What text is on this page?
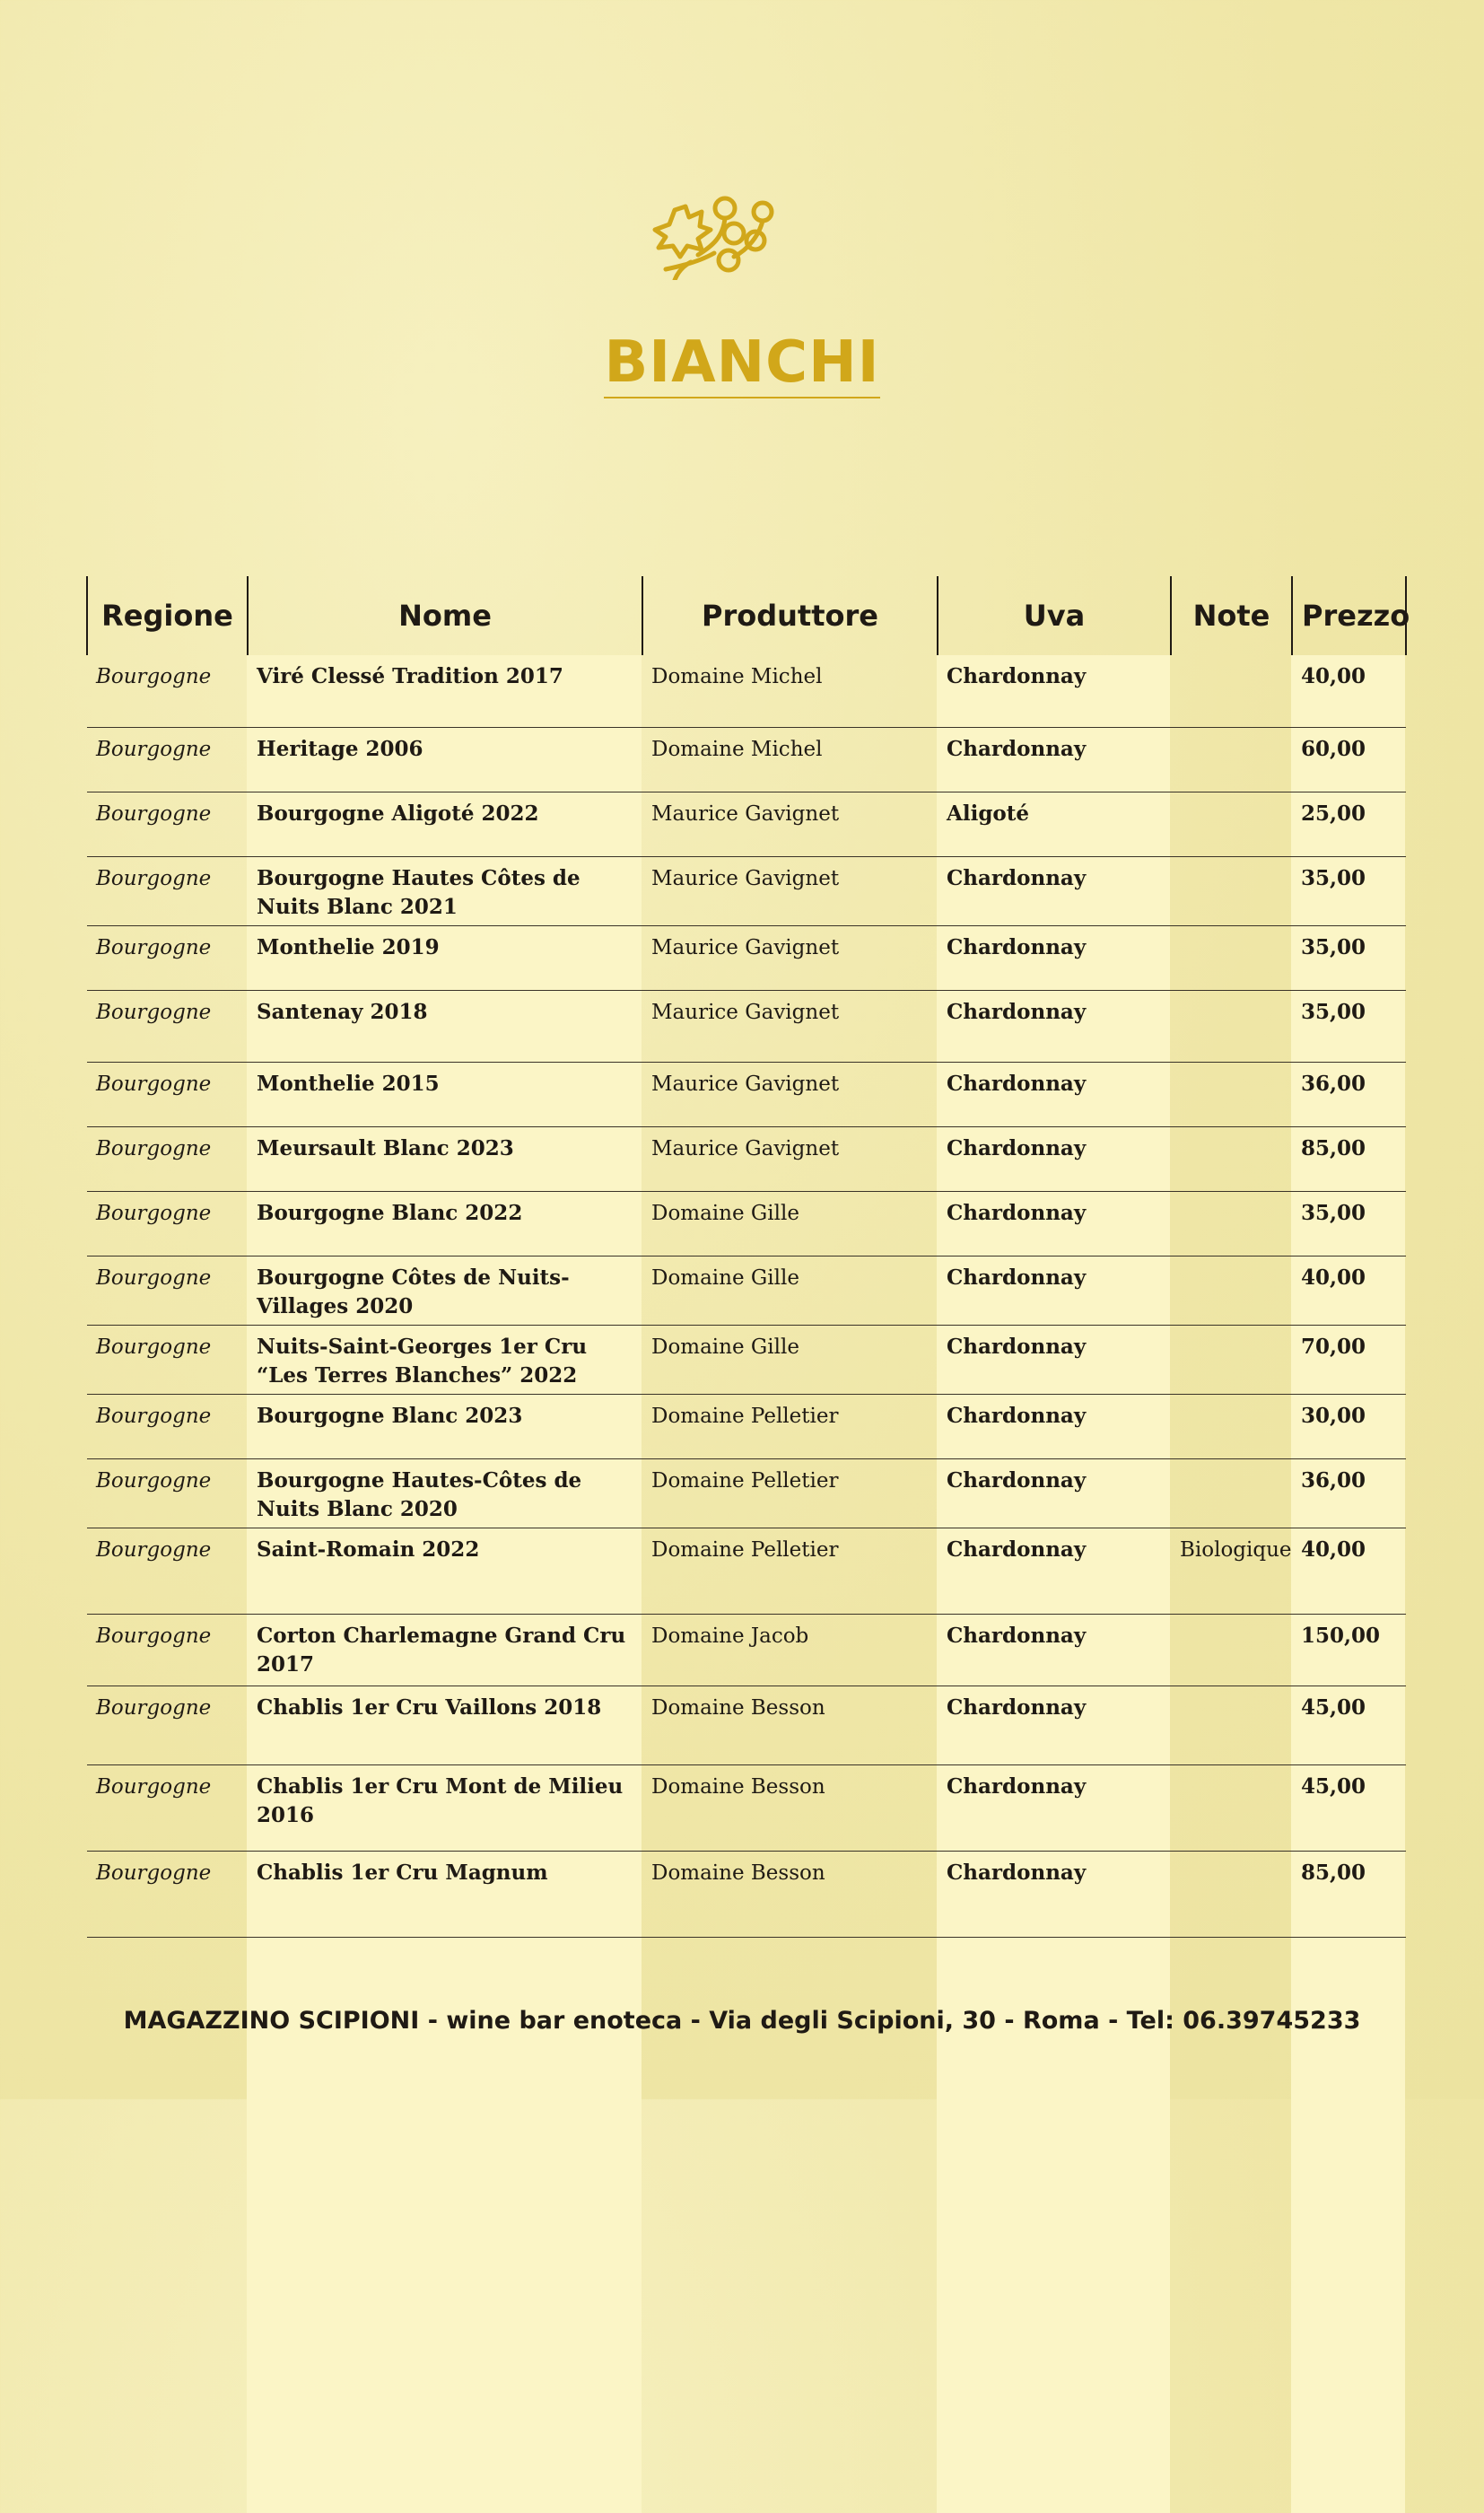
BIANCHI
Regione	Nome	Produttore	Uva	Note	Prezzo
Bourgogne	Viré Clessé Tradition 2017	Domaine Michel	Chardonnay		40,00
Bourgogne	Heritage 2006	Domaine Michel	Chardonnay		60,00
Bourgogne	Bourgogne Aligoté 2022	Maurice Gavignet	Aligoté		25,00
Bourgogne	Bourgogne Hautes Côtes de Nuits Blanc 2021	Maurice Gavignet	Chardonnay		35,00
Bourgogne	Monthelie 2019	Maurice Gavignet	Chardonnay		35,00
Bourgogne	Santenay 2018	Maurice Gavignet	Chardonnay		35,00
Bourgogne	Monthelie 2015	Maurice Gavignet	Chardonnay		36,00
Bourgogne	Meursault Blanc 2023	Maurice Gavignet	Chardonnay		85,00
Bourgogne	Bourgogne Blanc 2022	Domaine Gille	Chardonnay		35,00
Bourgogne	Bourgogne Côtes de Nuits-Villages 2020	Domaine Gille	Chardonnay		40,00
Bourgogne	Nuits-Saint-Georges 1er Cru “Les Terres Blanches” 2022	Domaine Gille	Chardonnay		70,00
Bourgogne	Bourgogne Blanc 2023	Domaine Pelletier	Chardonnay		30,00
Bourgogne	Bourgogne Hautes-Côtes de Nuits Blanc 2020	Domaine Pelletier	Chardonnay		36,00
Bourgogne	Saint-Romain 2022	Domaine Pelletier	Chardonnay	Biologique	40,00
Bourgogne	Corton Charlemagne Grand Cru 2017	Domaine Jacob	Chardonnay		150,00
Bourgogne	Chablis 1er Cru Vaillons 2018	Domaine Besson	Chardonnay		45,00
Bourgogne	Chablis 1er Cru Mont de Milieu 2016	Domaine Besson	Chardonnay		45,00
Bourgogne	Chablis 1er Cru Magnum	Domaine Besson	Chardonnay		85,00
MAGAZZINO SCIPIONI - wine bar enoteca - Via degli Scipioni, 30 - Roma - Tel: 06.39745233
